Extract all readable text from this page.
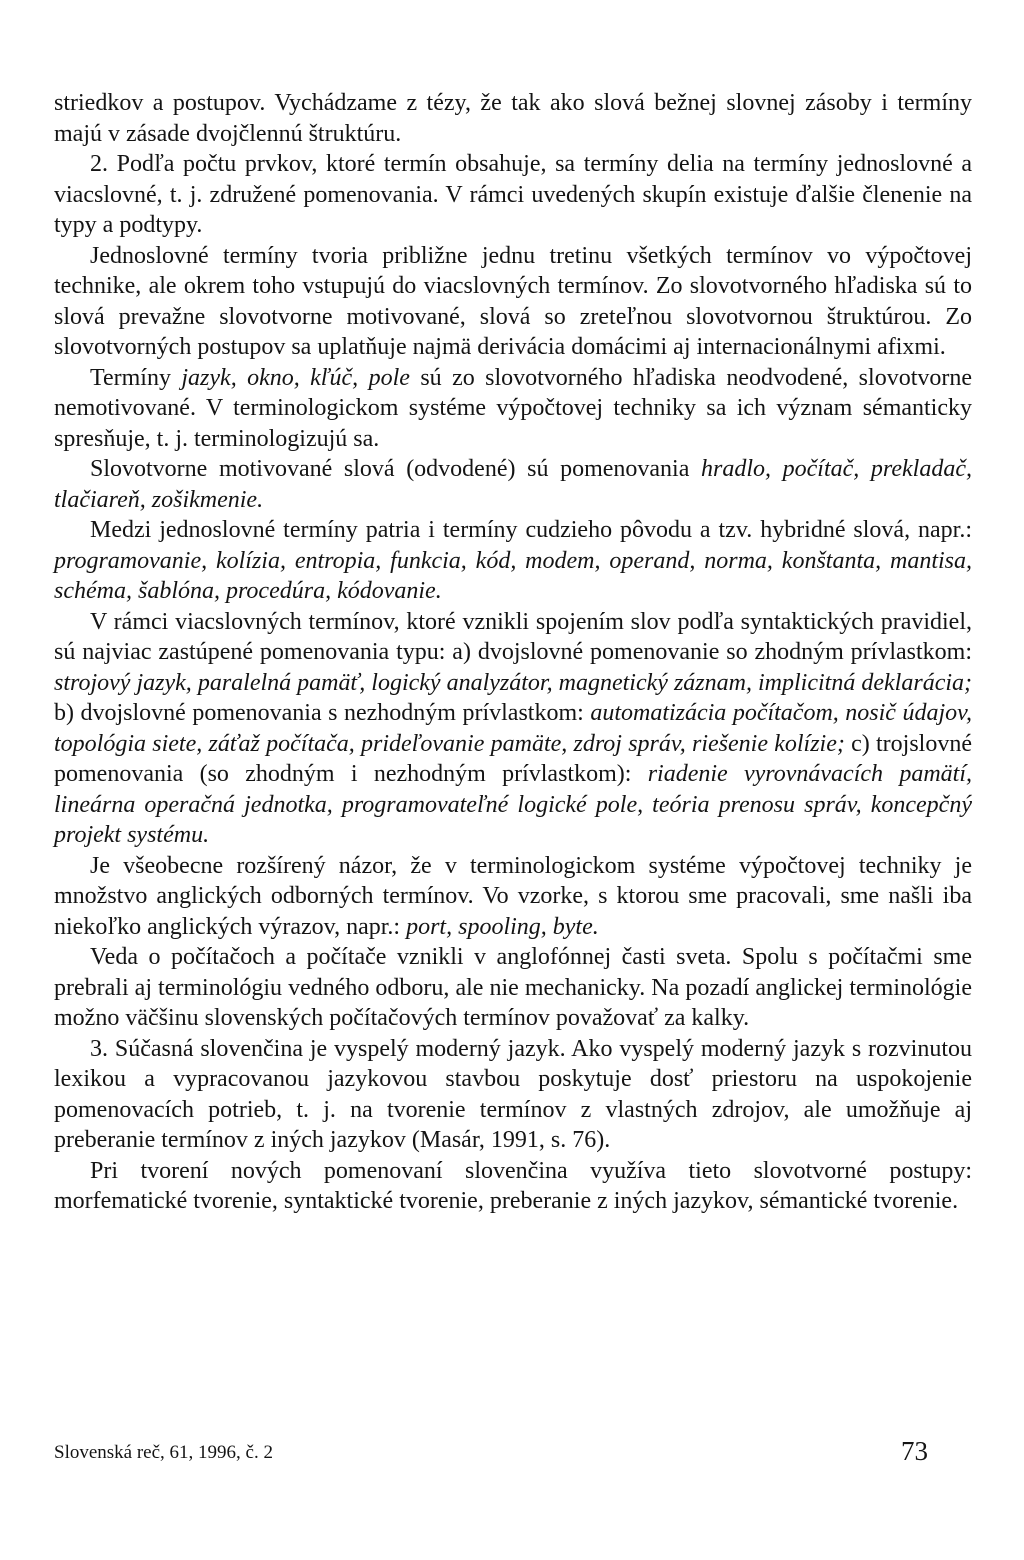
striedkov a postupov. Vychádzame z tézy, že tak ako slová bežnej slovnej zásoby i termíny majú v zásade dvojčlennú štruktúru.

2. Podľa počtu prvkov, ktoré termín obsahuje, sa termíny delia na termíny jednoslovné a viacslovné, t. j. združené pomenovania. V rámci uvedených skupín existuje ďalšie členenie na typy a podtypy.

Jednoslovné termíny tvoria približne jednu tretinu všetkých termínov vo výpočtovej technike, ale okrem toho vstupujú do viacslovných termínov. Zo slovotvorného hľadiska sú to slová prevažne slovotvorne motivované, slová so zreteľnou slovotvornou štruktúrou. Zo slovotvorných postupov sa uplatňuje najmä derivácia domácimi aj internacionálnymi afixmi.

Termíny jazyk, okno, kľúč, pole sú zo slovotvorného hľadiska neodvodené, slovotvorne nemotivované. V terminologickom systéme výpočtovej techniky sa ich význam sémanticky spresňuje, t. j. terminologizujú sa.

Slovotvorne motivované slová (odvodené) sú pomenovania hradlo, počítač, prekladač, tlačiareň, zošikmenie.

Medzi jednoslovné termíny patria i termíny cudzieho pôvodu a tzv. hybridné slová, napr.: programovanie, kolízia, entropia, funkcia, kód, modem, operand, norma, konštanta, mantisa, schéma, šablóna, procedúra, kódovanie.

V rámci viacslovných termínov, ktoré vznikli spojením slov podľa syntaktických pravidiel, sú najviac zastúpené pomenovania typu: a) dvojslovné pomenovanie so zhodným prívlastkom: strojový jazyk, paralelná pamäť, logický analyzátor, magnetický záznam, implicitná deklarácia; b) dvojslovné pomenovania s nezhodným prívlastkom: automatizácia počítačom, nosič údajov, topológia siete, záťaž počítača, prideľovanie pamäte, zdroj správ, riešenie kolízie; c) trojslovné pomenovania (so zhodným i nezhodným prívlastkom): riadenie vyrovnávacích pamätí, lineárna operačná jednotka, programovateľné logické pole, teória prenosu správ, koncepčný projekt systému.

Je všeobecne rozšírený názor, že v terminologickom systéme výpočtovej techniky je množstvo anglických odborných termínov. Vo vzorke, s ktorou sme pracovali, sme našli iba niekoľko anglických výrazov, napr.: port, spooling, byte.

Veda o počítačoch a počítače vznikli v anglofónnej časti sveta. Spolu s počítačmi sme prebrali aj terminológiu vedného odboru, ale nie mechanicky. Na pozadí anglickej terminológie možno väčšinu slovenských počítačových termínov považovať za kalky.

3. Súčasná slovenčina je vyspelý moderný jazyk. Ako vyspelý moderný jazyk s rozvinutou lexikou a vypracovanou jazykovou stavbou poskytuje dosť priestoru na uspokojenie pomenovacích potrieb, t. j. na tvorenie termínov z vlastných zdrojov, ale umožňuje aj preberanie termínov z iných jazykov (Masár, 1991, s. 76).

Pri tvorení nových pomenovaní slovenčina využíva tieto slovotvorné postupy: morfematické tvorenie, syntaktické tvorenie, preberanie z iných jazykov, sémantické tvorenie.

Slovenská reč, 61, 1996, č. 2	73
